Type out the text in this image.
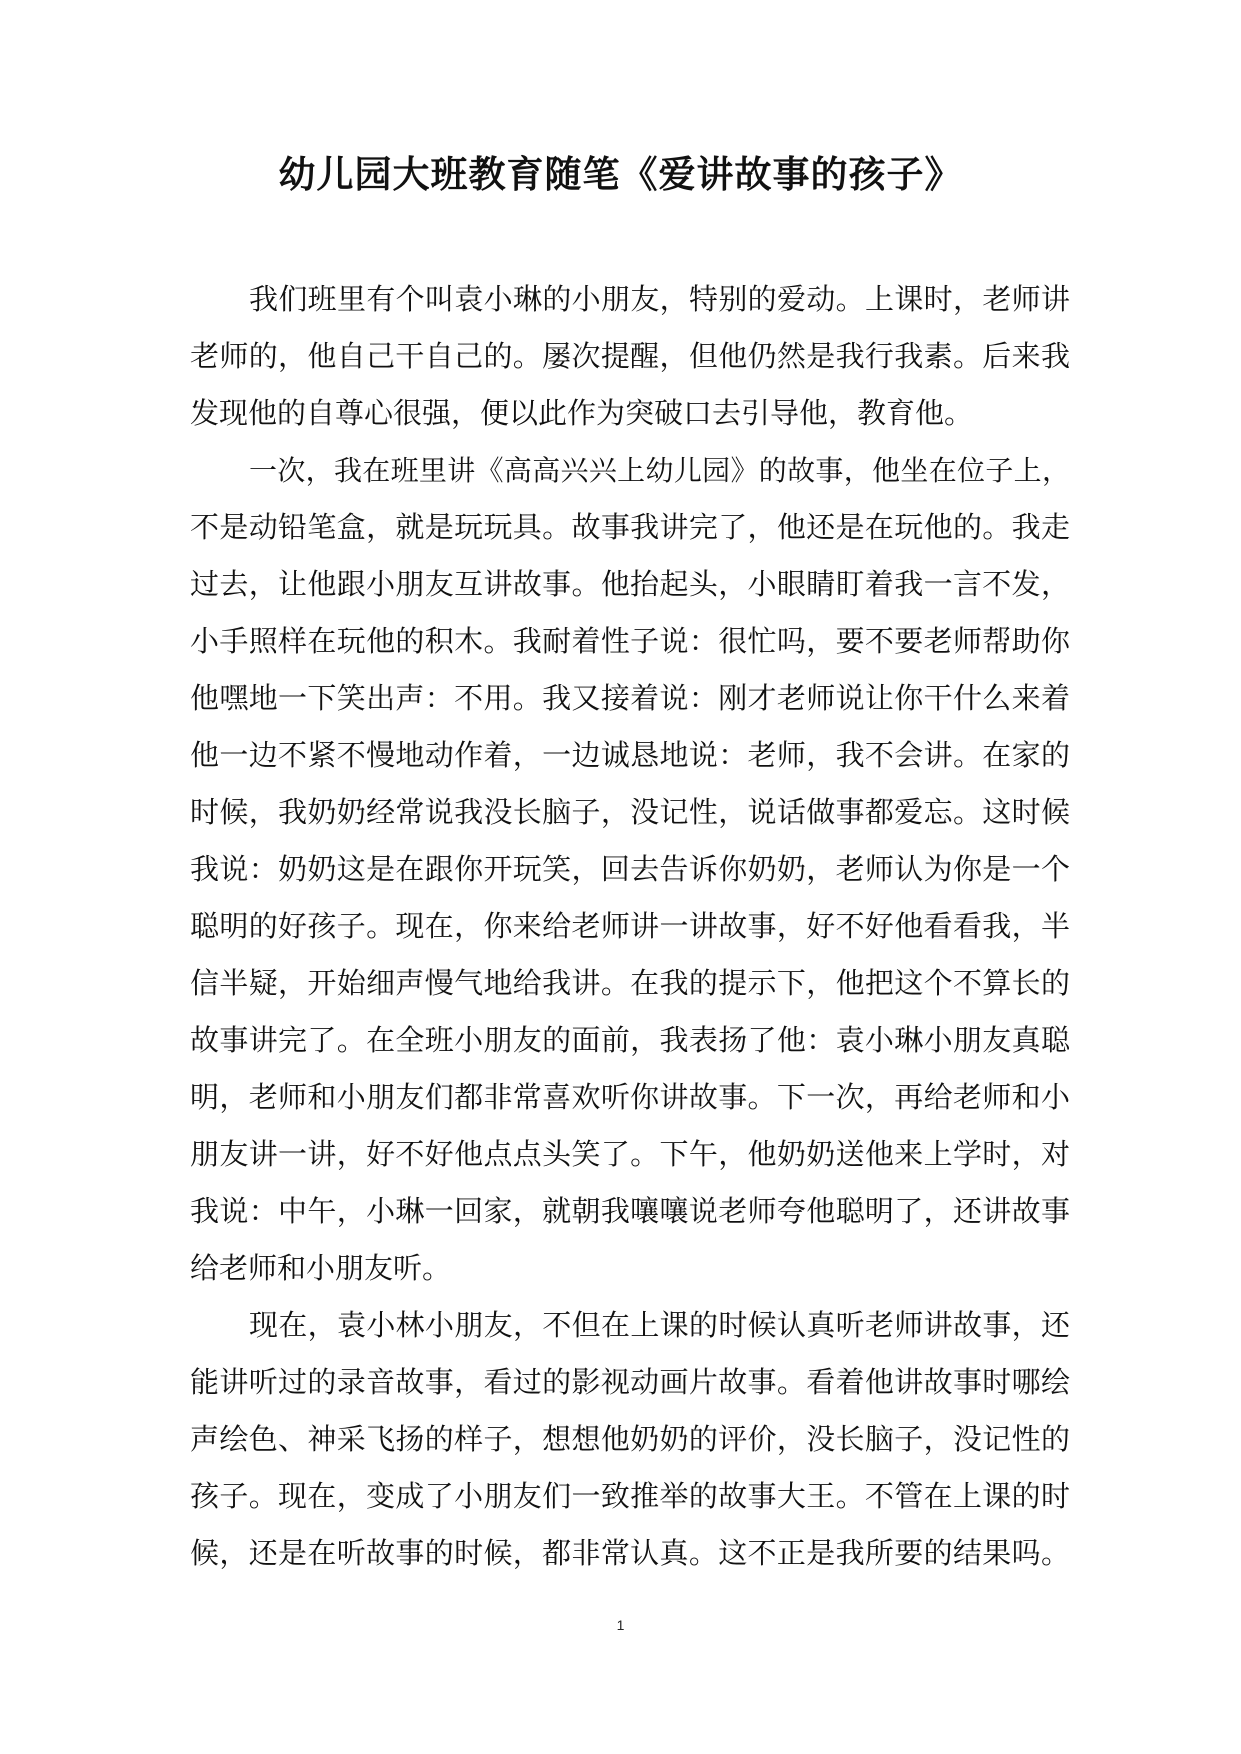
幼儿园大班教育随笔《爱讲故事的孩子》
我们班里有个叫袁小琳的小朋友，特别的爱动。上课时，老师讲
老师的，他自己干自己的。屡次提醒，但他仍然是我行我素。后来我
发现他的自尊心很强，便以此作为突破口去引导他，教育他。
一次，我在班里讲《高高兴兴上幼儿园》的故事，他坐在位子上，
不是动铅笔盒，就是玩玩具。故事我讲完了，他还是在玩他的。我走
过去，让他跟小朋友互讲故事。他抬起头，小眼睛盯着我一言不发，
小手照样在玩他的积木。我耐着性子说：很忙吗，要不要老师帮助你
他嘿地一下笑出声：不用。我又接着说：刚才老师说让你干什么来着
他一边不紧不慢地动作着，一边诚恳地说：老师，我不会讲。在家的
时候，我奶奶经常说我没长脑子，没记性，说话做事都爱忘。这时候
我说：奶奶这是在跟你开玩笑，回去告诉你奶奶，老师认为你是一个
聪明的好孩子。现在，你来给老师讲一讲故事，好不好他看看我，半
信半疑，开始细声慢气地给我讲。在我的提示下，他把这个不算长的
故事讲完了。在全班小朋友的面前，我表扬了他：袁小琳小朋友真聪
明，老师和小朋友们都非常喜欢听你讲故事。下一次，再给老师和小
朋友讲一讲，好不好他点点头笑了。下午，他奶奶送他来上学时，对
我说：中午，小琳一回家，就朝我嚷嚷说老师夸他聪明了，还讲故事
给老师和小朋友听。
现在，袁小林小朋友，不但在上课的时候认真听老师讲故事，还
能讲听过的录音故事，看过的影视动画片故事。看着他讲故事时哪绘
声绘色、神采飞扬的样子，想想他奶奶的评价，没长脑子，没记性的
孩子。现在，变成了小朋友们一致推举的故事大王。不管在上课的时
候，还是在听故事的时候，都非常认真。这不正是我所要的结果吗。
1
